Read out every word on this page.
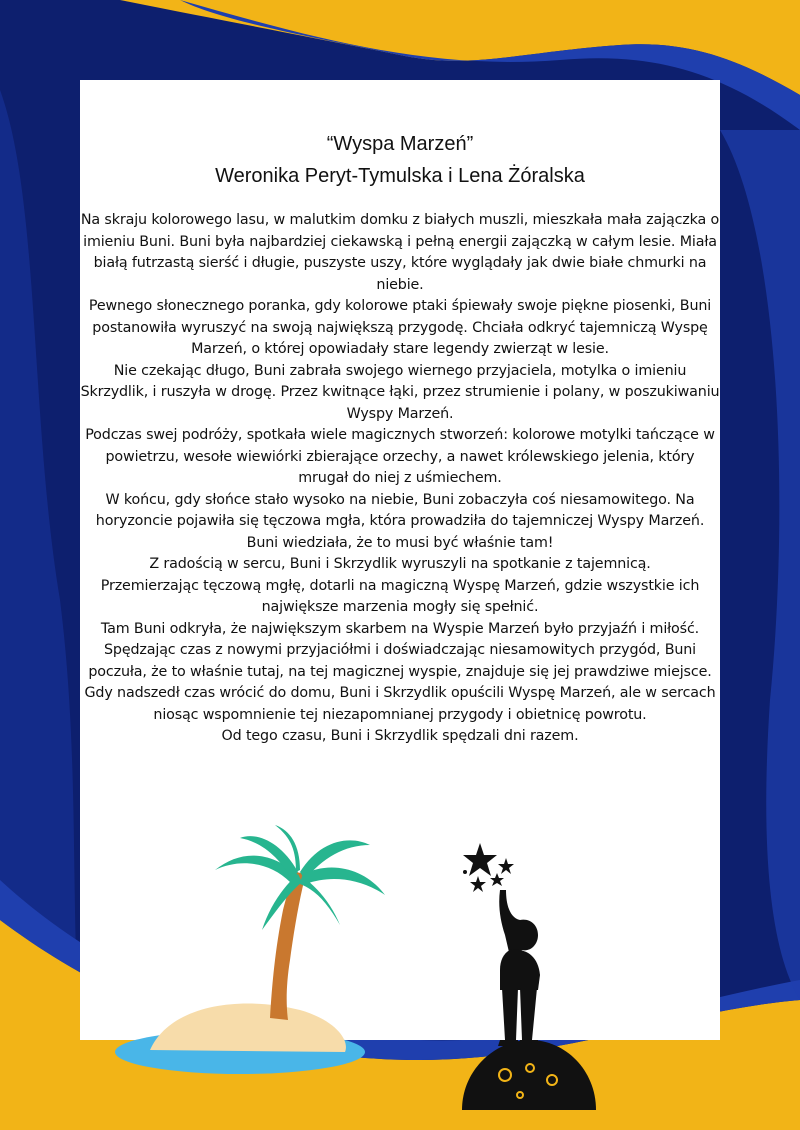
“Wyspa Marzeń”
Weronika Peryt-Tymulska i Lena Żóralska

Na skraju kolorowego lasu, w malutkim domku z białych muszli, mieszkała mała zajączka o imieniu Buni. Buni była najbardziej ciekawską i pełną energii zajączką w całym lesie. Miała białą futrzastą sierść i długie, puszyste uszy, które wyglądały jak dwie białe chmurki na niebie.

Pewnego słonecznego poranka, gdy kolorowe ptaki śpiewały swoje piękne piosenki, Buni postanowiła wyruszyć na swoją największą przygodę. Chciała odkryć tajemniczą Wyspę Marzeń, o której opowiadały stare legendy zwierząt w lesie.

Nie czekając długo, Buni zabrała swojego wiernego przyjaciela, motylka o imieniu Skrzydlik, i ruszyła w drogę. Przez kwitnące łąki, przez strumienie i polany, w poszukiwaniu Wyspy Marzeń.

Podczas swej podróży, spotkała wiele magicznych stworzeń: kolorowe motylki tańczące w powietrzu, wesołe wiewiórki zbierające orzechy, a nawet królewskiego jelenia, który mrugał do niej z uśmiechem.

W końcu, gdy słońce stało wysoko na niebie, Buni zobaczyła coś niesamowitego. Na horyzoncie pojawiła się tęczowa mgła, która prowadziła do tajemniczej Wyspy Marzeń. Buni wiedziała, że to musi być właśnie tam!

Z radością w sercu, Buni i Skrzydlik wyruszyli na spotkanie z tajemnicą.

Przemierzając tęczową mgłę, dotarli na magiczną Wyspę Marzeń, gdzie wszystkie ich największe marzenia mogły się spełnić.

Tam Buni odkryła, że największym skarbem na Wyspie Marzeń było przyjaźń i miłość. Spędzając czas z nowymi przyjaciółmi i doświadczając niesamowitych przygód, Buni poczuła, że to właśnie tutaj, na tej magicznej wyspie, znajduje się jej prawdziwe miejsce.

Gdy nadszedł czas wrócić do domu, Buni i Skrzydlik opuścili Wyspę Marzeń, ale w sercach niosąc wspomnienie tej niezapomnianej przygody i obietnicę powrotu.

Od tego czasu, Buni i Skrzydlik spędzali dni razem.
